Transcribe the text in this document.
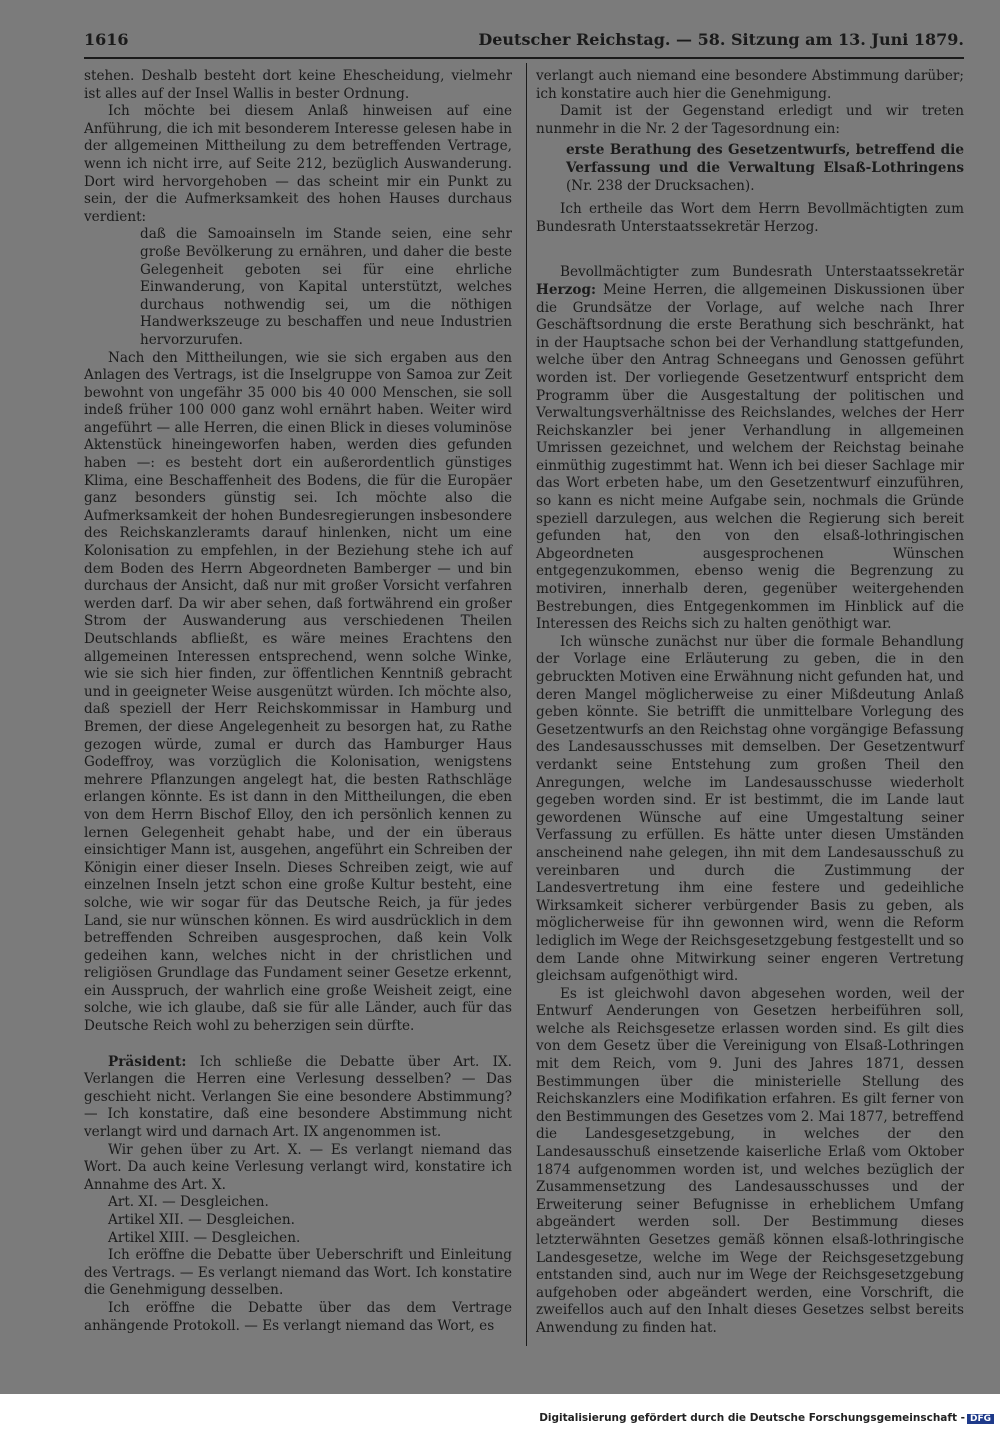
1616	Deutscher Reichstag. — 58. Sitzung am 13. Juni 1879.

stehen. Deshalb besteht dort keine Ehescheidung, vielmehr ist alles auf der Insel Wallis in bester Ordnung.

Ich möchte bei diesem Anlaß hinweisen auf eine Anführung, die ich mit besonderem Interesse gelesen habe in der allgemeinen Mittheilung zu dem betreffenden Vertrage, wenn ich nicht irre, auf Seite 212, bezüglich Auswanderung. Dort wird hervorgehoben — das scheint mir ein Punkt zu sein, der die Aufmerksamkeit des hohen Hauses durchaus verdient:

daß die Samoainseln im Stande seien, eine sehr große Bevölkerung zu ernähren, und daher die beste Gelegenheit geboten sei für eine ehrliche Einwanderung, von Kapital unterstützt, welches durchaus nothwendig sei, um die nöthigen Handwerkszeuge zu beschaffen und neue Industrien hervorzurufen.

Nach den Mittheilungen, wie sie sich ergaben aus den Anlagen des Vertrags, ist die Inselgruppe von Samoa zur Zeit bewohnt von ungefähr 35 000 bis 40 000 Menschen, sie soll indeß früher 100 000 ganz wohl ernährt haben. Weiter wird angeführt — alle Herren, die einen Blick in dieses voluminöse Aktenstück hineingeworfen haben, werden dies gefunden haben —: es besteht dort ein außerordentlich günstiges Klima, eine Beschaffenheit des Bodens, die für die Europäer ganz besonders günstig sei. Ich möchte also die Aufmerksamkeit der hohen Bundesregierungen insbesondere des Reichskanzleramts darauf hinlenken, nicht um eine Kolonisation zu empfehlen, in der Beziehung stehe ich auf dem Boden des Herrn Abgeordneten Bamberger — und bin durchaus der Ansicht, daß nur mit großer Vorsicht verfahren werden darf. Da wir aber sehen, daß fortwährend ein großer Strom der Auswanderung aus verschiedenen Theilen Deutschlands abfließt, es wäre meines Erachtens den allgemeinen Interessen entsprechend, wenn solche Winke, wie sie sich hier finden, zur öffentlichen Kenntniß gebracht und in geeigneter Weise ausgenützt würden. Ich möchte also, daß speziell der Herr Reichskommissar in Hamburg und Bremen, der diese Angelegenheit zu besorgen hat, zu Rathe gezogen würde, zumal er durch das Hamburger Haus Godeffroy, was vorzüglich die Kolonisation, wenigstens mehrere Pflanzungen angelegt hat, die besten Rathschläge erlangen könnte. Es ist dann in den Mittheilungen, die eben von dem Herrn Bischof Elloy, den ich persönlich kennen zu lernen Gelegenheit gehabt habe, und der ein überaus einsichtiger Mann ist, ausgehen, angeführt ein Schreiben der Königin einer dieser Inseln. Dieses Schreiben zeigt, wie auf einzelnen Inseln jetzt schon eine große Kultur besteht, eine solche, wie wir sogar für das Deutsche Reich, ja für jedes Land, sie nur wünschen können. Es wird ausdrücklich in dem betreffenden Schreiben ausgesprochen, daß kein Volk gedeihen kann, welches nicht in der christlichen und religiösen Grundlage das Fundament seiner Gesetze erkennt, ein Ausspruch, der wahrlich eine große Weisheit zeigt, eine solche, wie ich glaube, daß sie für alle Länder, auch für das Deutsche Reich wohl zu beherzigen sein dürfte.

Präsident: Ich schließe die Debatte über Art. IX. Verlangen die Herren eine Verlesung desselben? — Das geschieht nicht. Verlangen Sie eine besondere Abstimmung? — Ich konstatire, daß eine besondere Abstimmung nicht verlangt wird und darnach Art. IX angenommen ist.

Wir gehen über zu Art. X. — Es verlangt niemand das Wort. Da auch keine Verlesung verlangt wird, konstatire ich Annahme des Art. X.

Art. XI. — Desgleichen.

Artikel XII. — Desgleichen.

Artikel XIII. — Desgleichen.

Ich eröffne die Debatte über Ueberschrift und Einleitung des Vertrags. — Es verlangt niemand das Wort. Ich konstatire die Genehmigung desselben.

Ich eröffne die Debatte über das dem Vertrage anhängende Protokoll. — Es verlangt niemand das Wort, es

verlangt auch niemand eine besondere Abstimmung darüber; ich konstatire auch hier die Genehmigung.

Damit ist der Gegenstand erledigt und wir treten nunmehr in die Nr. 2 der Tagesordnung ein:

erste Berathung des Gesetzentwurfs, betreffend die Verfassung und die Verwaltung Elsaß-Lothringens (Nr. 238 der Drucksachen).

Ich ertheile das Wort dem Herrn Bevollmächtigten zum Bundesrath Unterstaatssekretär Herzog.

Bevollmächtigter zum Bundesrath Unterstaatssekretär Herzog: Meine Herren, die allgemeinen Diskussionen über die Grundsätze der Vorlage, auf welche nach Ihrer Geschäftsordnung die erste Berathung sich beschränkt, hat in der Hauptsache schon bei der Verhandlung stattgefunden, welche über den Antrag Schneegans und Genossen geführt worden ist. Der vorliegende Gesetzentwurf entspricht dem Programm über die Ausgestaltung der politischen und Verwaltungsverhältnisse des Reichslandes, welches der Herr Reichskanzler bei jener Verhandlung in allgemeinen Umrissen gezeichnet, und welchem der Reichstag beinahe einmüthig zugestimmt hat. Wenn ich bei dieser Sachlage mir das Wort erbeten habe, um den Gesetzentwurf einzuführen, so kann es nicht meine Aufgabe sein, nochmals die Gründe speziell darzulegen, aus welchen die Regierung sich bereit gefunden hat, den von den elsaß-lothringischen Abgeordneten ausgesprochenen Wünschen entgegenzukommen, ebenso wenig die Begrenzung zu motiviren, innerhalb deren, gegenüber weitergehenden Bestrebungen, dies Entgegenkommen im Hinblick auf die Interessen des Reichs sich zu halten genöthigt war.

Ich wünsche zunächst nur über die formale Behandlung der Vorlage eine Erläuterung zu geben, die in den gebruckten Motiven eine Erwähnung nicht gefunden hat, und deren Mangel möglicherweise zu einer Mißdeutung Anlaß geben könnte. Sie betrifft die unmittelbare Vorlegung des Gesetzentwurfs an den Reichstag ohne vorgängige Befassung des Landesausschusses mit demselben. Der Gesetzentwurf verdankt seine Entstehung zum großen Theil den Anregungen, welche im Landesausschusse wiederholt gegeben worden sind. Er ist bestimmt, die im Lande laut gewordenen Wünsche auf eine Umgestaltung seiner Verfassung zu erfüllen. Es hätte unter diesen Umständen anscheinend nahe gelegen, ihn mit dem Landesausschuß zu vereinbaren und durch die Zustimmung der Landesvertretung ihm eine festere und gedeihliche Wirksamkeit sicherer verbürgender Basis zu geben, als möglicherweise für ihn gewonnen wird, wenn die Reform lediglich im Wege der Reichsgesetzgebung festgestellt und so dem Lande ohne Mitwirkung seiner engeren Vertretung gleichsam aufgenöthigt wird.

Es ist gleichwohl davon abgesehen worden, weil der Entwurf Aenderungen von Gesetzen herbeiführen soll, welche als Reichsgesetze erlassen worden sind. Es gilt dies von dem Gesetz über die Vereinigung von Elsaß-Lothringen mit dem Reich, vom 9. Juni des Jahres 1871, dessen Bestimmungen über die ministerielle Stellung des Reichskanzlers eine Modifikation erfahren. Es gilt ferner von den Bestimmungen des Gesetzes vom 2. Mai 1877, betreffend die Landesgesetzgebung, in welches der den Landesausschuß einsetzende kaiserliche Erlaß vom Oktober 1874 aufgenommen worden ist, und welches bezüglich der Zusammensetzung des Landesausschusses und der Erweiterung seiner Befugnisse in erheblichem Umfang abgeändert werden soll. Der Bestimmung dieses letzterwähnten Gesetzes gemäß können elsaß-lothringische Landesgesetze, welche im Wege der Reichsgesetzgebung entstanden sind, auch nur im Wege der Reichsgesetzgebung aufgehoben oder abgeändert werden, eine Vorschrift, die zweifellos auch auf den Inhalt dieses Gesetzes selbst bereits Anwendung zu finden hat.

Digitalisierung gefördert durch die Deutsche Forschungsgemeinschaft - DFG
